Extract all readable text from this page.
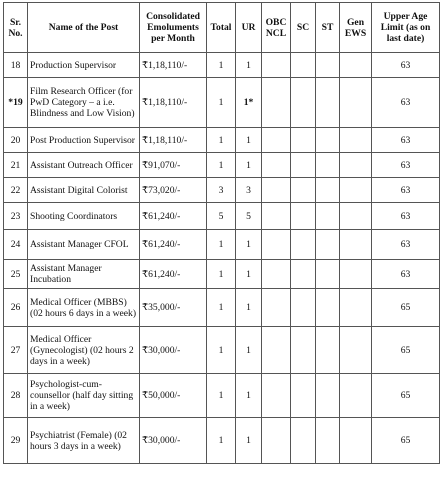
Sr. No.	Name of the Post	Consolidated Emoluments per Month	Total	UR	OBC NCL	SC	ST	Gen EWS	Upper Age Limit (as on last date)
18	Production Supervisor	₹1,18,110/-	1	1					63
*19	Film Research Officer (for PwD Category – a i.e. Blindness and Low Vision)	₹1,18,110/-	1	1*					63
20	Post Production Supervisor	₹1,18,110/-	1	1					63
21	Assistant Outreach Officer	₹91,070/-	1	1					63
22	Assistant Digital Colorist	₹73,020/-	3	3					63
23	Shooting Coordinators	₹61,240/-	5	5					63
24	Assistant Manager CFOL	₹61,240/-	1	1					63
25	Assistant Manager Incubation	₹61,240/-	1	1					63
26	Medical Officer (MBBS) (02 hours 6 days in a week)	₹35,000/-	1	1					65
27	Medical Officer (Gynecologist) (02 hours 2 days in a week)	₹30,000/-	1	1					65
28	Psychologist-cum-counsellor (half day sitting in a week)	₹50,000/-	1	1					65
29	Psychiatrist (Female) (02 hours 3 days in a week)	₹30,000/-	1	1					65
